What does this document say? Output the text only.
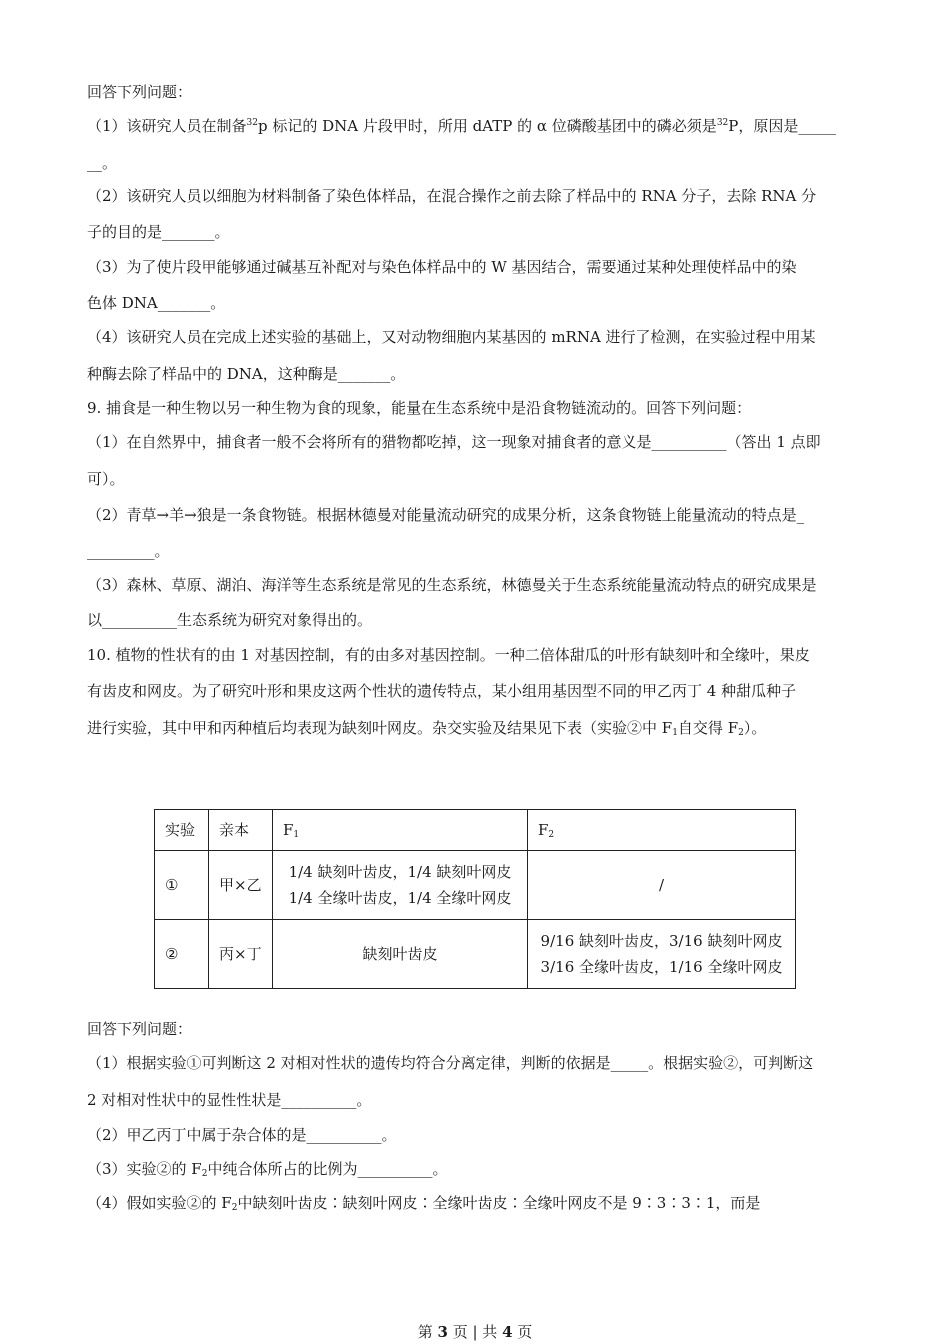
回答下列问题：
（1）该研究人员在制备$^{32}$p 标记的 DNA 片段甲时，所用 dATP 的 α 位磷酸基团中的磷必须是$^{32}$P，原因是_____
__。
（2）该研究人员以细胞为材料制备了染色体样品，在混合操作之前去除了样品中的 RNA 分子，去除 RNA 分
子的目的是_______。
（3）为了使片段甲能够通过碱基互补配对与染色体样品中的 W 基因结合，需要通过某种处理使样品中的染
色体 DNA_______。
（4）该研究人员在完成上述实验的基础上，又对动物细胞内某基因的 mRNA 进行了检测，在实验过程中用某
种酶去除了样品中的 DNA，这种酶是_______。
9. 捕食是一种生物以另一种生物为食的现象，能量在生态系统中是沿食物链流动的。回答下列问题：
（1）在自然界中，捕食者一般不会将所有的猎物都吃掉，这一现象对捕食者的意义是__________（答出 1 点即
可）。
（2）青草→羊→狼是一条食物链。根据林德曼对能量流动研究的成果分析，这条食物链上能量流动的特点是_
_________。
（3）森林、草原、湖泊、海洋等生态系统是常见的生态系统，林德曼关于生态系统能量流动特点的研究成果是
以__________生态系统为研究对象得出的。
10. 植物的性状有的由 1 对基因控制，有的由多对基因控制。一种二倍体甜瓜的叶形有缺刻叶和全缘叶，果皮
有齿皮和网皮。为了研究叶形和果皮这两个性状的遗传特点，某小组用基因型不同的甲乙丙丁 4 种甜瓜种子
进行实验，其中甲和丙种植后均表现为缺刻叶网皮。杂交实验及结果见下表（实验②中 $F_1$自交得 $F_2$）。
实验	亲本	$F_1$	$F_2$
①	甲×乙	1/4 缺刻叶齿皮，1/4 缺刻叶网皮
1/4 全缘叶齿皮，1/4 全缘叶网皮	/

②	丙×丁	缺刻叶齿皮	9/16 缺刻叶齿皮，3/16 缺刻叶网皮
3/16 全缘叶齿皮，1/16 全缘叶网皮
回答下列问题：
（1）根据实验①可判断这 2 对相对性状的遗传均符合分离定律，判断的依据是_____。根据实验②，可判断这
2 对相对性状中的显性性状是__________。
（2）甲乙丙丁中属于杂合体的是__________。
（3）实验②的 $F_2$中纯合体所占的比例为__________。
（4）假如实验②的 $F_2$中缺刻叶齿皮∶缺刻叶网皮∶全缘叶齿皮∶全缘叶网皮不是 9∶3∶3∶1，而是
第 3 页 | 共 4 页
